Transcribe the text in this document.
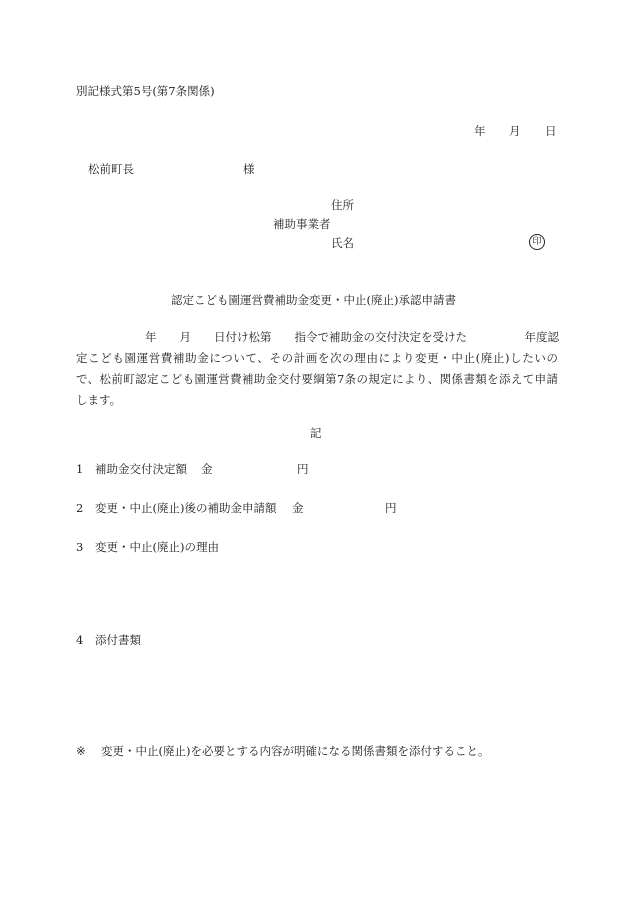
別記様式第5号(第7条関係)
年 月 日
松前町長	様
住所
補助事業者
氏名	印
認定こども園運営費補助金変更・中止(廃止)承認申請書
　　　　　　年　　月　　日付け松第　　指令で補助金の交付決定を受けた　　　　　年度認
定こども園運営費補助金について、その計画を次の理由により変更・中止(廃止)したいの
で、松前町認定こども園運営費補助金交付要綱第7条の規定により、関係書類を添えて申請
します。
記
1 補助金交付決定額 金	円
2 変更・中止(廃止)後の補助金申請額 金	円
3 変更・中止(廃止)の理由
4 添付書類
※ 変更・中止(廃止)を必要とする内容が明確になる関係書類を添付すること。
